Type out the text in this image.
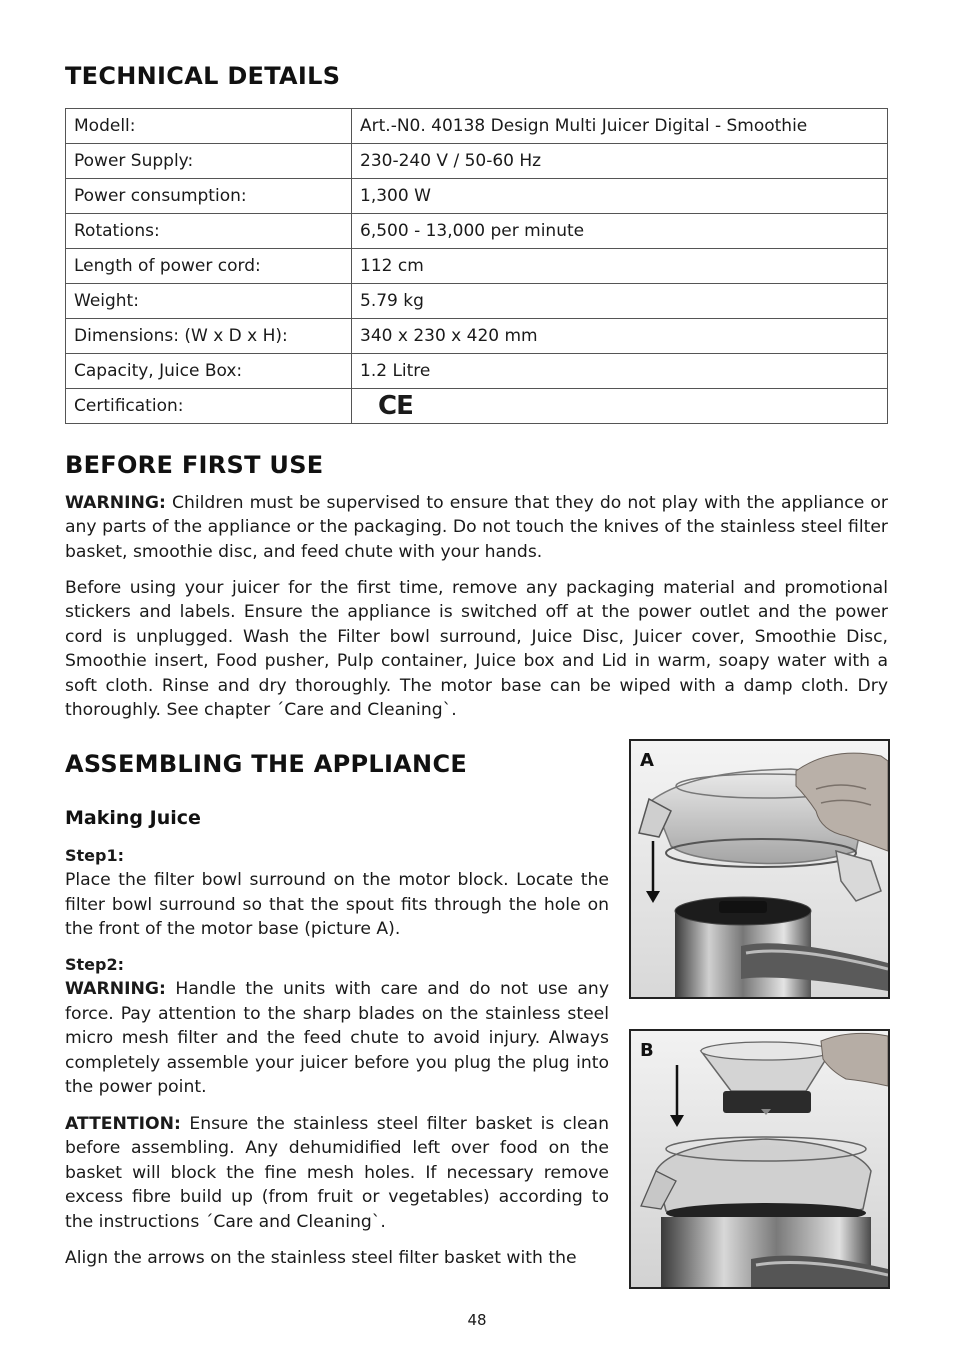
TECHNICAL DETAILS
Modell:	Art.-N0. 40138 Design Multi Juicer Digital - Smoothie
Power Supply:	230-240 V / 50-60 Hz
Power consumption:	1,300 W
Rotations:	6,500 - 13,000 per minute
Length of power cord:	112 cm
Weight:	5.79 kg
Dimensions: (W x D x H):	340 x 230 x 420 mm
Capacity, Juice Box:	1.2 Litre
Certification:	CE
BEFORE FIRST USE

WARNING: Children must be supervised to ensure that they do not play with the appliance or any parts of the appliance or the packaging. Do not touch the knives of the stainless steel filter basket, smoothie disc, and feed chute with your hands.

Before using your juicer for the first time, remove any packaging material and promotional stickers and labels. Ensure the appliance is switched off at the power outlet and the power cord is unplugged. Wash the Filter bowl surround, Juice Disc, Juicer cover, Smoothie Disc, Smoothie insert, Food pusher, Pulp container, Juice box and Lid in warm, soapy water with a soft cloth. Rinse and dry thoroughly. The motor base can be wiped with a damp cloth. Dry thoroughly. See chapter ´Care and Cleaning`.

ASSEMBLING THE APPLIANCE
Making Juice
Step1:
Place the filter bowl surround on the motor block. Locate the filter bowl surround so that the spout fits through the hole on the front of the motor base (picture A).
Step2:
WARNING: Handle the units with care and do not use any force. Pay attention to the sharp blades on the stainless steel micro mesh filter and the feed chute to avoid injury. Always completely assemble your juicer before you plug the plug into the power point.

ATTENTION: Ensure the stainless steel filter basket is clean before assembling. Any dehumidified left over food on the basket will block the fine mesh holes. If necessary remove excess fibre build up (from fruit or vegetables) according to the instructions ´Care and Cleaning`.

Align the arrows on the stainless steel filter basket with the

A
B
48
